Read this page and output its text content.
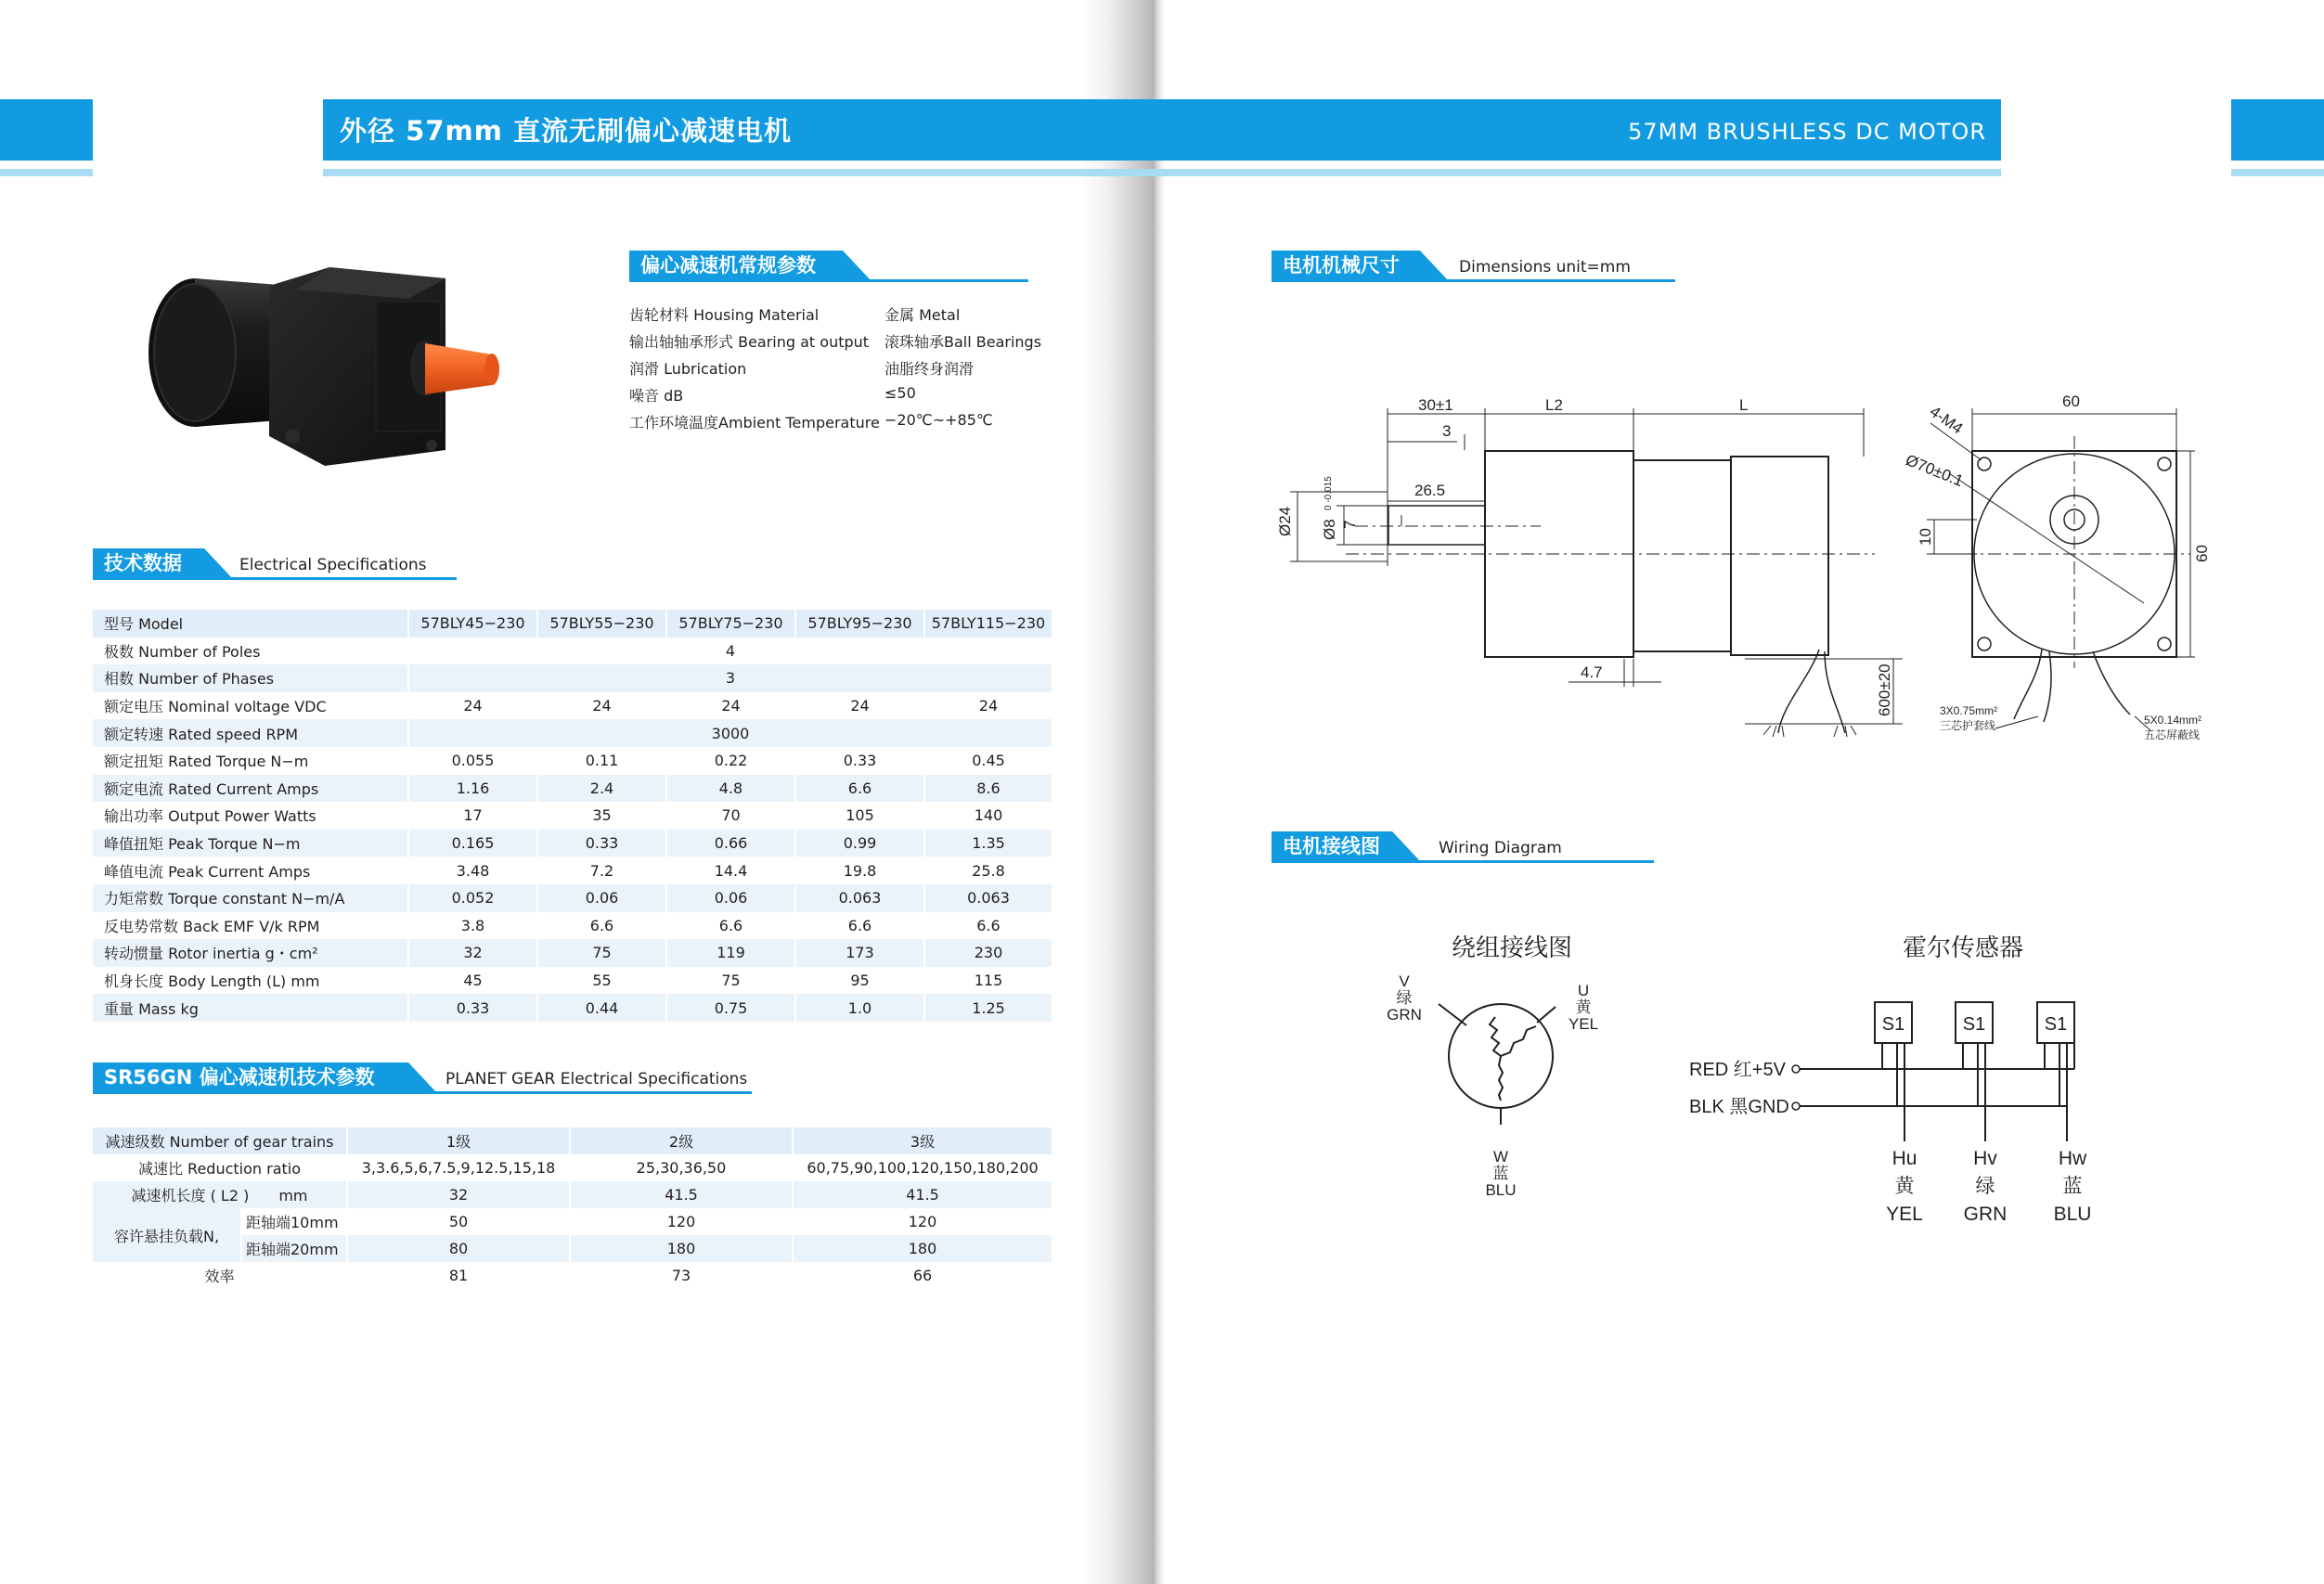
外径 57mm 直流无刷偏心减速电机	57MM BRUSHLESS DC MOTOR
偏心减速机常规参数
齿轮材料 Housing Material	金属 Metal
输出轴轴承形式 Bearing at output 滚珠轴承Ball Bearings
润滑 Lubrication	油脂终身润滑
噪音 dB	≤50
工作环境温度Ambient Temperature −20℃~+85℃
技术数据	Electrical Specifications
型号 Model	57BLY45−230	57BLY55−230	57BLY75−230	57BLY95−230	57BLY115−230
极数 Number of Poles	4				
相数 Number of Phases	3				
额定电压 Nominal voltage VDC	24	24	24	24	24
额定转速 Rated speed RPM	3000				
额定扭矩 Rated Torque N−m	0.055	0.11	0.22	0.33	0.45
额定电流 Rated Current Amps	1.16	2.4	4.8	6.6	8.6
输出功率 Output Power Watts	17	35	70	105	140
峰值扭矩 Peak Torque N−m	0.165	0.33	0.66	0.99	1.35
峰值电流 Peak Current Amps	3.48	7.2	14.4	19.8	25.8
力矩常数 Torque constant N−m/A	0.052	0.06	0.06	0.063	0.063
反电势常数 Back EMF V/k RPM	3.8	6.6	6.6	6.6	6.6
转动惯量 Rotor inertia g・cm²	32	75	119	173	230
机身长度 Body Length (L) mm	45	55	75	95	115
重量 Mass kg	0.33	0.44	0.75	1.0	1.25
SR56GN 偏心减速机技术参数	PLANET GEAR Electrical Specifications
减速级数 Number of gear trains		1级	2级	3级
减速比 Reduction ratio		3,3.6,5,6,7.5,9,12.5,15,18	25,30,36,50	60,75,90,100,120,150,180,200
减速机长度 ( L2 )　　mm		32	41.5	41.5
容许悬挂负载N,	距轴端10mm	50	120	120
	距轴端20mm	80	180	180
效率		81	73	66
电机机械尺寸	Dimensions unit=mm
30±1	L2	L
3
26.5
Ø24 Ø8
0 -0.015
7
4.7	600±20
60
60
4-M4
Ø70±0.1
10
3X0.75mm²
三芯护套线	5X0.14mm²
五芯屏蔽线
电机接线图	Wiring Diagram
绕组接线图	霍尔传感器
V
绿
GRN
U
黄
YEL
W
蓝
BLU
S1	S1	S1
RED 红+5V
BLK 黑GND
Hu
黄
YEL
Hv
绿
GRN
Hw
蓝
BLU
